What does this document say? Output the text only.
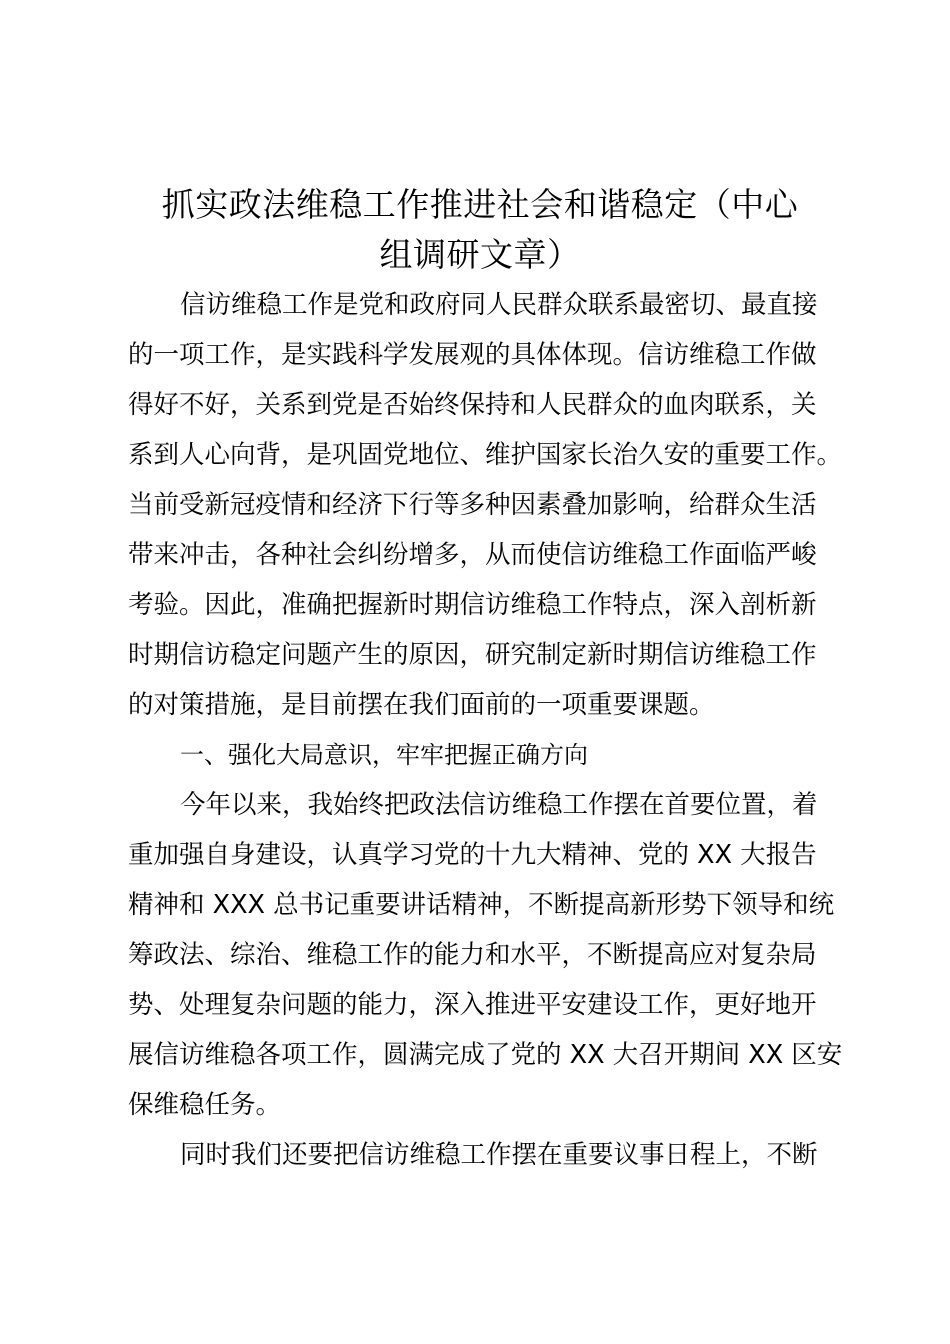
抓实政法维稳工作推进社会和谐稳定（中心
组调研文章）

信访维稳工作是党和政府同人民群众联系最密切、最直接
的一项工作，是实践科学发展观的具体体现。信访维稳工作做
得好不好，关系到党是否始终保持和人民群众的血肉联系，关
系到人心向背，是巩固党地位、维护国家长治久安的重要工作。
当前受新冠疫情和经济下行等多种因素叠加影响，给群众生活
带来冲击，各种社会纠纷增多，从而使信访维稳工作面临严峻
考验。因此，准确把握新时期信访维稳工作特点，深入剖析新
时期信访稳定问题产生的原因，研究制定新时期信访维稳工作
的对策措施，是目前摆在我们面前的一项重要课题。

一、强化大局意识，牢牢把握正确方向

今年以来，我始终把政法信访维稳工作摆在首要位置，着
重加强自身建设，认真学习党的十九大精神、党的 XX 大报告
精神和 XXX 总书记重要讲话精神，不断提高新形势下领导和统
筹政法、综治、维稳工作的能力和水平，不断提高应对复杂局
势、处理复杂问题的能力，深入推进平安建设工作，更好地开
展信访维稳各项工作，圆满完成了党的 XX 大召开期间 XX 区安
保维稳任务。

同时我们还要把信访维稳工作摆在重要议事日程上，不断
